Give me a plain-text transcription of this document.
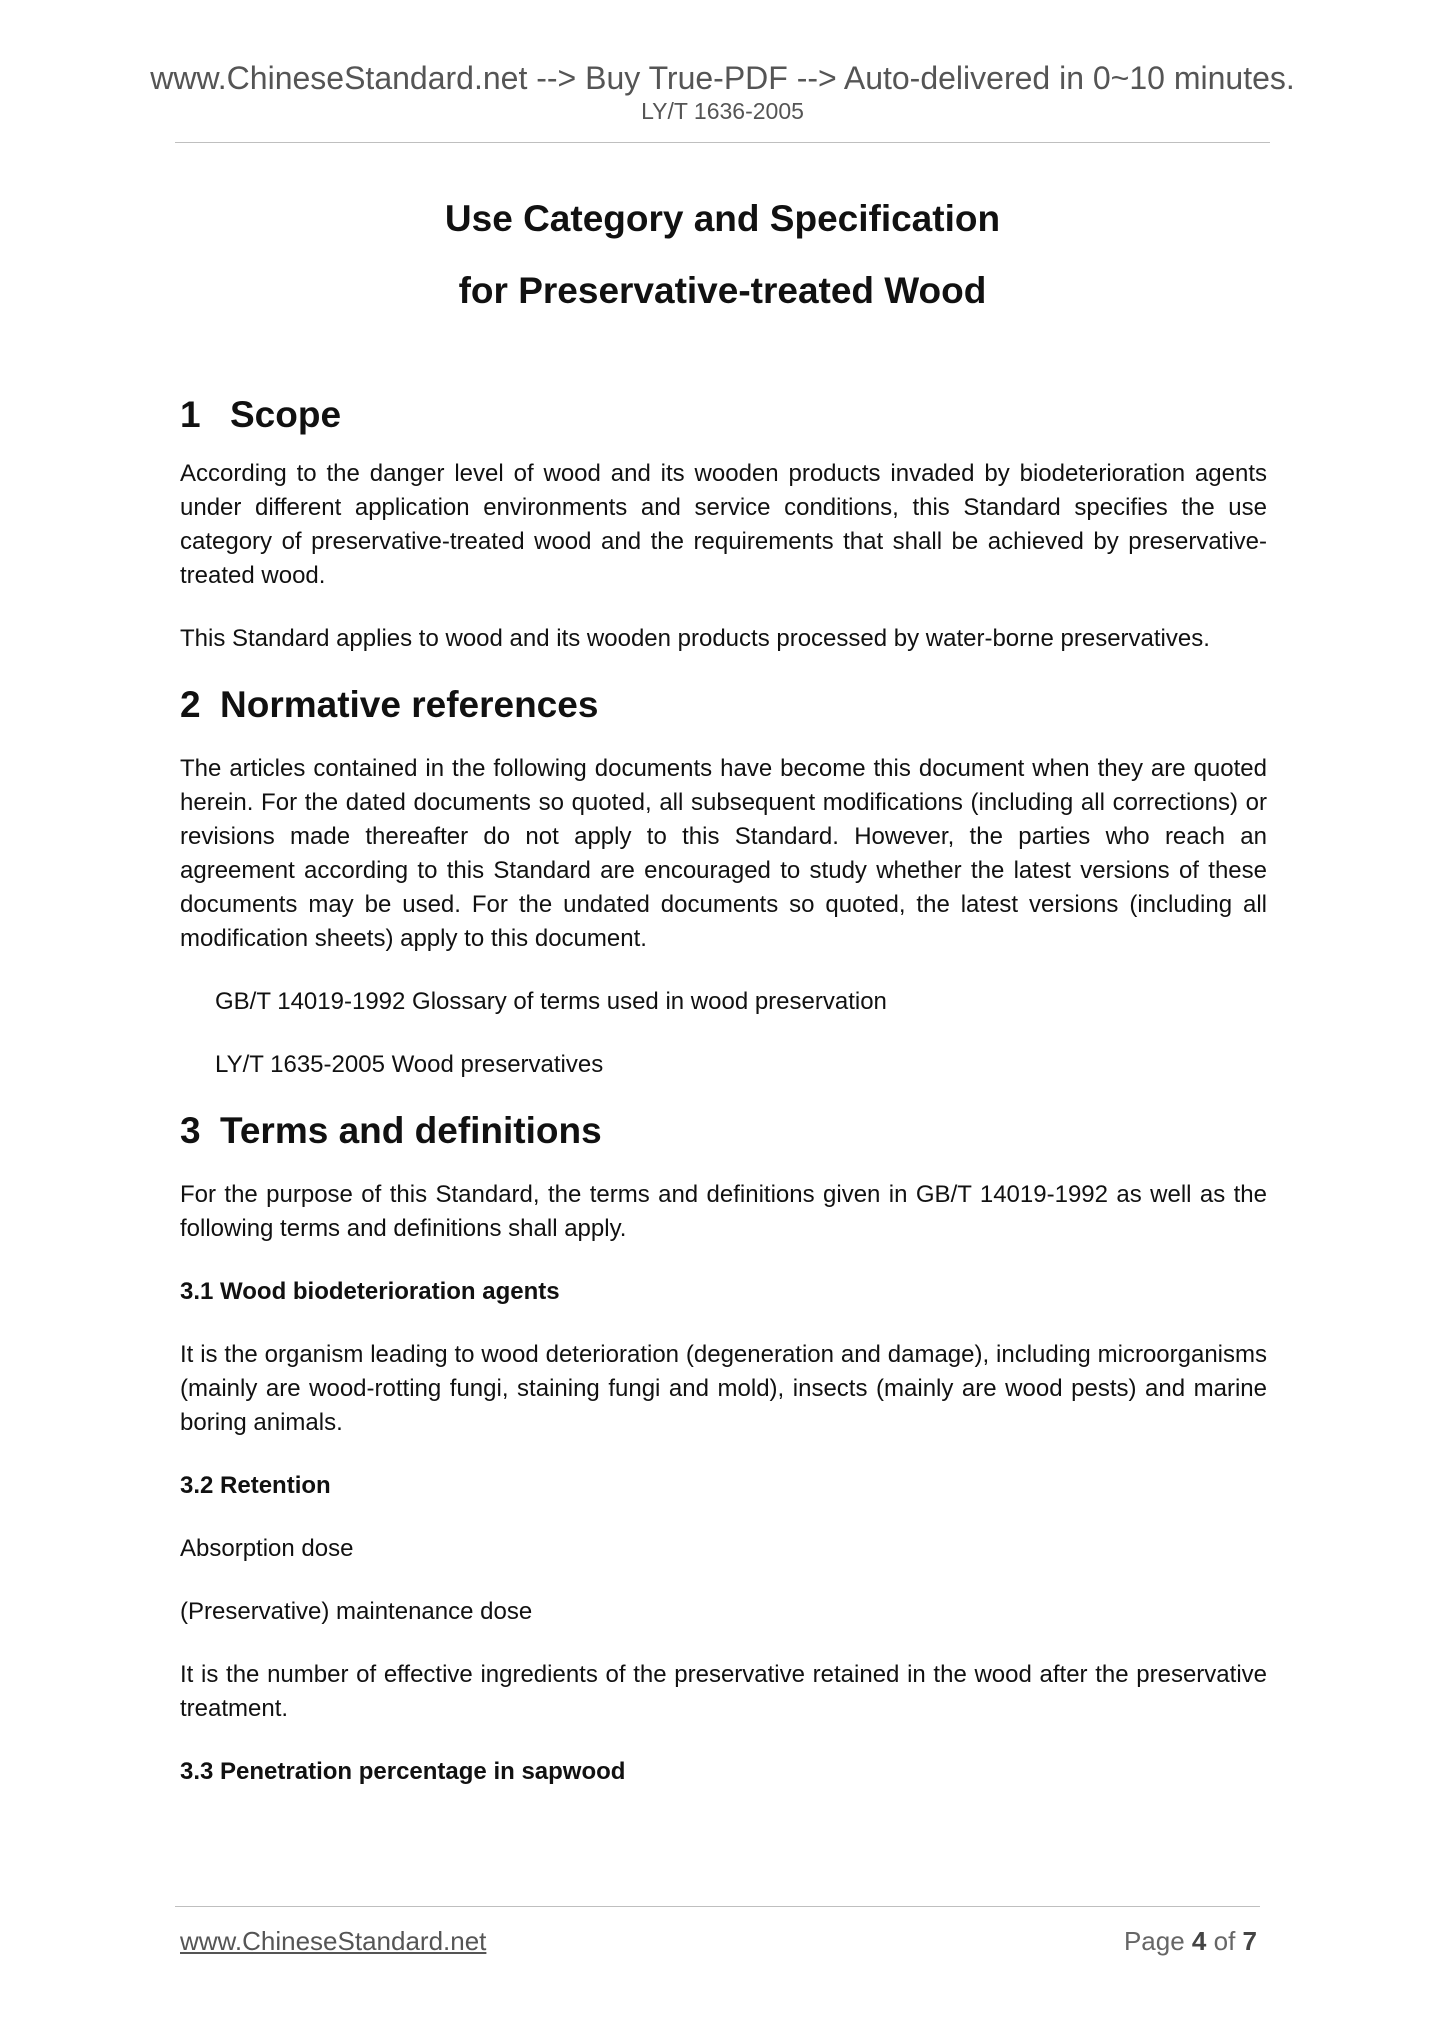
www.ChineseStandard.net --> Buy True-PDF --> Auto-delivered in 0~10 minutes.
LY/T 1636-2005
Use Category and Specification
for Preservative-treated Wood
1 Scope

According to the danger level of wood and its wooden products invaded by biodeterioration agents under different application environments and service conditions, this Standard specifies the use category of preservative-treated wood and the requirements that shall be achieved by preservative-treated wood.

This Standard applies to wood and its wooden products processed by water-borne preservatives.

2 Normative references

The articles contained in the following documents have become this document when they are quoted herein. For the dated documents so quoted, all subsequent modifications (including all corrections) or revisions made thereafter do not apply to this Standard. However, the parties who reach an agreement according to this Standard are encouraged to study whether the latest versions of these documents may be used. For the undated documents so quoted, the latest versions (including all modification sheets) apply to this document.

GB/T 14019-1992 Glossary of terms used in wood preservation

LY/T 1635-2005 Wood preservatives

3 Terms and definitions

For the purpose of this Standard, the terms and definitions given in GB/T 14019-1992 as well as the following terms and definitions shall apply.

3.1 Wood biodeterioration agents

It is the organism leading to wood deterioration (degeneration and damage), including microorganisms (mainly are wood-rotting fungi, staining fungi and mold), insects (mainly are wood pests) and marine boring animals.

3.2 Retention

Absorption dose

(Preservative) maintenance dose

It is the number of effective ingredients of the preservative retained in the wood after the preservative treatment.

3.3 Penetration percentage in sapwood

www.ChineseStandard.net	Page 4 of 7
